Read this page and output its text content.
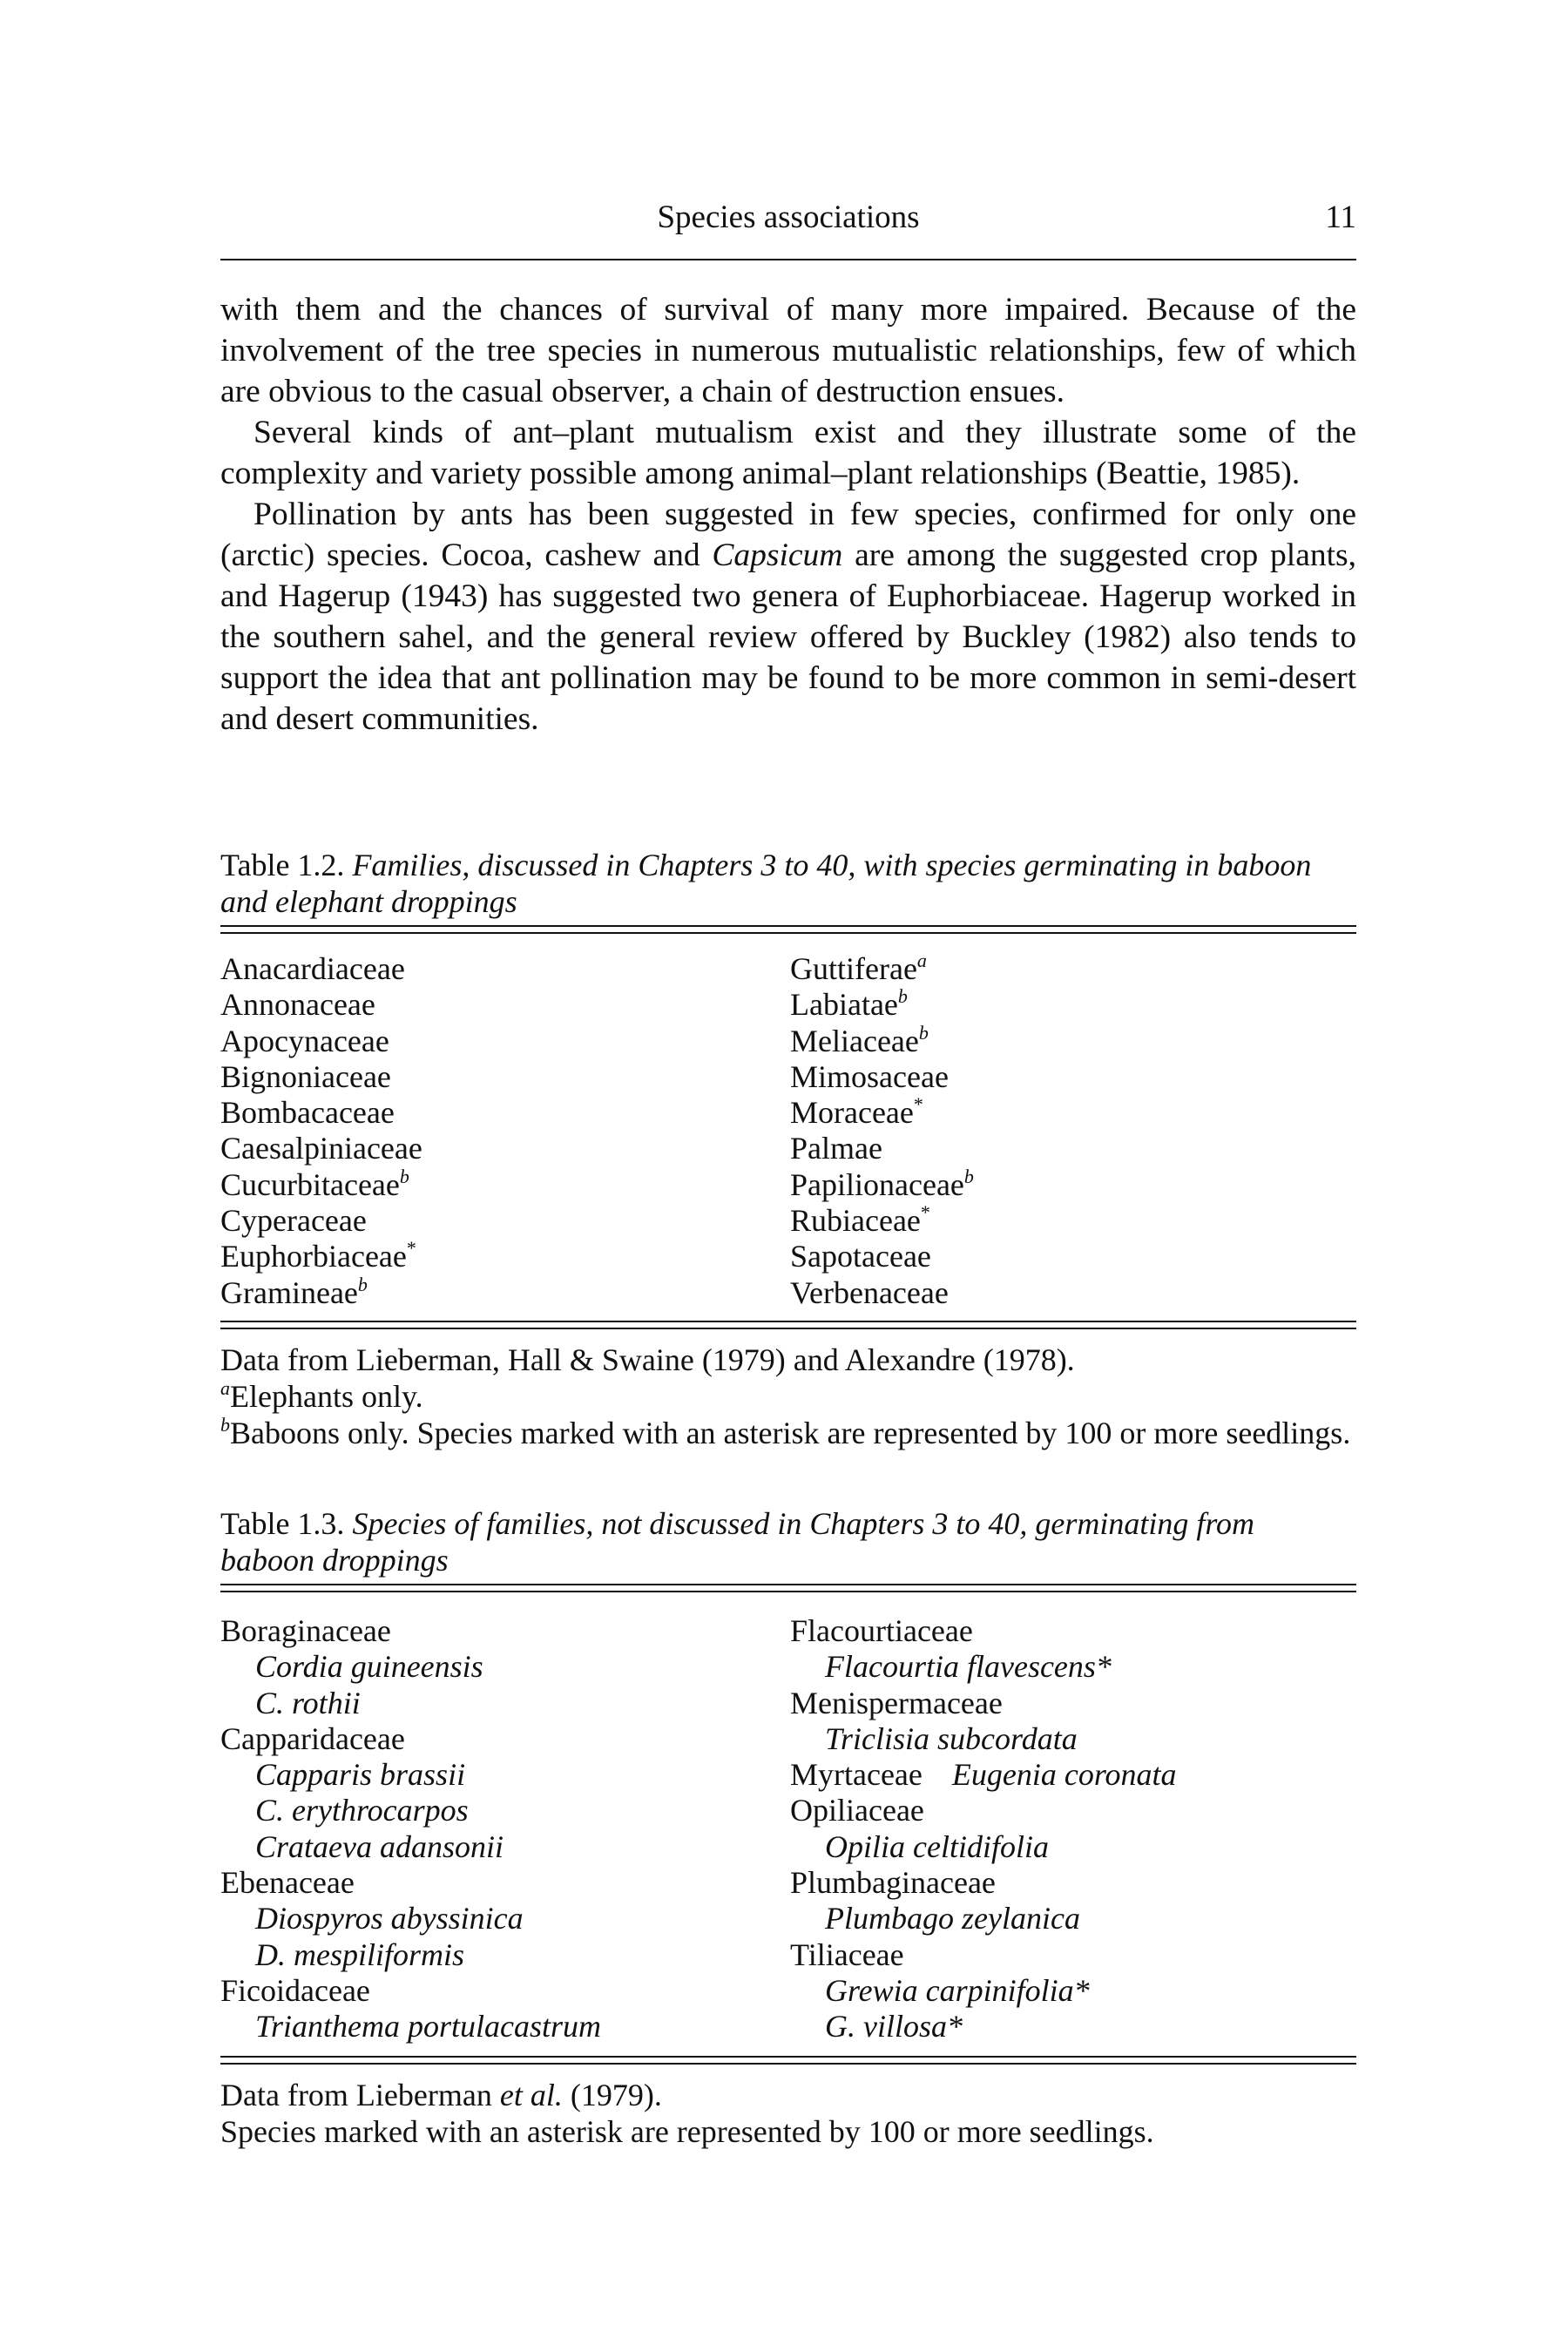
Species associations	11

with them and the chances of survival of many more impaired. Because of the involvement of the tree species in numerous mutualistic relationships, few of which are obvious to the casual observer, a chain of destruction ensues.

Several kinds of ant–plant mutualism exist and they illustrate some of the complexity and variety possible among animal–plant relationships (Beattie, 1985).

Pollination by ants has been suggested in few species, confirmed for only one (arctic) species. Cocoa, cashew and Capsicum are among the suggested crop plants, and Hagerup (1943) has suggested two genera of Euphorbiaceae. Hagerup worked in the southern sahel, and the general review offered by Buckley (1982) also tends to support the idea that ant pollination may be found to be more common in semi-desert and desert communities.

Table 1.2. Families, discussed in Chapters 3 to 40, with species germinating in baboon and elephant droppings
Anacardiaceae
Annonaceae
Apocynaceae
Bignoniaceae
Bombacaceae
Caesalpiniaceae
Cucurbitaceae$^b$
Cyperaceae
Euphorbiaceae*
Gramineae$^b$
Guttiferae$^a$
Labiatae$^b$
Meliaceae$^b$
Mimosaceae
Moraceae*
Palmae
Papilionaceae$^b$
Rubiaceae*
Sapotaceae
Verbenaceae
Data from Lieberman, Hall & Swaine (1979) and Alexandre (1978).
$^a$Elephants only.
$^b$Baboons only. Species marked with an asterisk are represented by 100 or more seedlings.
Table 1.3. Species of families, not discussed in Chapters 3 to 40, germinating from baboon droppings
Boraginaceae
Cordia guineensis
C. rothii
Capparidaceae
Capparis brassii
C. erythrocarpos
Crataeva adansonii
Ebenaceae
Diospyros abyssinica
D. mespiliformis
Ficoidaceae
Trianthema portulacastrum
Flacourtiaceae
Flacourtia flavescens*
Menispermaceae
Triclisia subcordata
Myrtaceae Eugenia coronata
Opiliaceae
Opilia celtidifolia
Plumbaginaceae
Plumbago zeylanica
Tiliaceae
Grewia carpinifolia*
G. villosa*
Data from Lieberman et al. (1979).
Species marked with an asterisk are represented by 100 or more seedlings.
